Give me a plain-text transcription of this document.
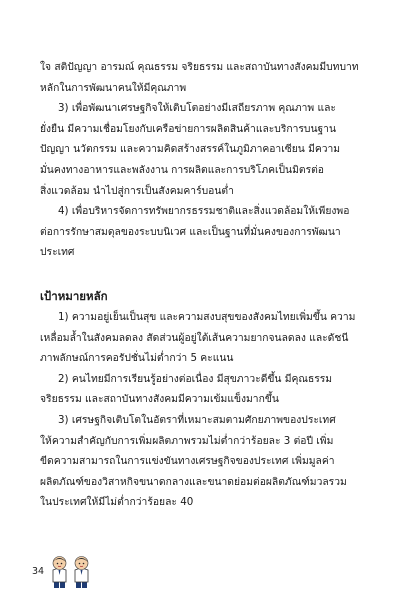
ใจ สติปัญญา อารมณ์ คุณธรรม จริยธรรม และสถาบันทางสังคมมีบทบาท
หลักในการพัฒนาคนให้มีคุณภาพ

3) เพื่อพัฒนาเศรษฐกิจให้เติบโตอย่างมีเสถียรภาพ คุณภาพ และ
ยั่งยืน มีความเชื่อมโยงกับเครือข่ายการผลิตสินค้าและบริการบนฐาน
ปัญญา นวัตกรรม และความคิดสร้างสรรค์ในภูมิภาคอาเซียน มีความ
มั่นคงทางอาหารและพลังงาน การผลิตและการบริโภคเป็นมิตรต่อ
สิ่งแวดล้อม นำไปสู่การเป็นสังคมคาร์บอนต่ำ

4) เพื่อบริหารจัดการทรัพยากรธรรมชาติและสิ่งแวดล้อมให้เพียงพอ
ต่อการรักษาสมดุลของระบบนิเวศ และเป็นฐานที่มั่นคงของการพัฒนา
ประเทศ

เป้าหมายหลัก

1) ความอยู่เย็นเป็นสุข และความสงบสุขของสังคมไทยเพิ่มขึ้น ความ
เหลื่อมล้ำในสังคมลดลง สัดส่วนผู้อยู่ใต้เส้นความยากจนลดลง และดัชนี
ภาพลักษณ์การคอรัปชั่นไม่ต่ำกว่า 5 คะแนน

2) คนไทยมีการเรียนรู้อย่างต่อเนื่อง มีสุขภาวะดีขึ้น มีคุณธรรม
จริยธรรม และสถาบันทางสังคมมีความเข้มแข็งมากขึ้น

3) เศรษฐกิจเติบโตในอัตราที่เหมาะสมตามศักยภาพของประเทศ
ให้ความสำคัญกับการเพิ่มผลิตภาพรวมไม่ต่ำกว่าร้อยละ 3 ต่อปี เพิ่ม
ขีดความสามารถในการแข่งขันทางเศรษฐกิจของประเทศ เพิ่มมูลค่า
ผลิตภัณฑ์ของวิสาหกิจขนาดกลางและขนาดย่อมต่อผลิตภัณฑ์มวลรวม
ในประเทศให้มีไม่ต่ำกว่าร้อยละ 40

34
